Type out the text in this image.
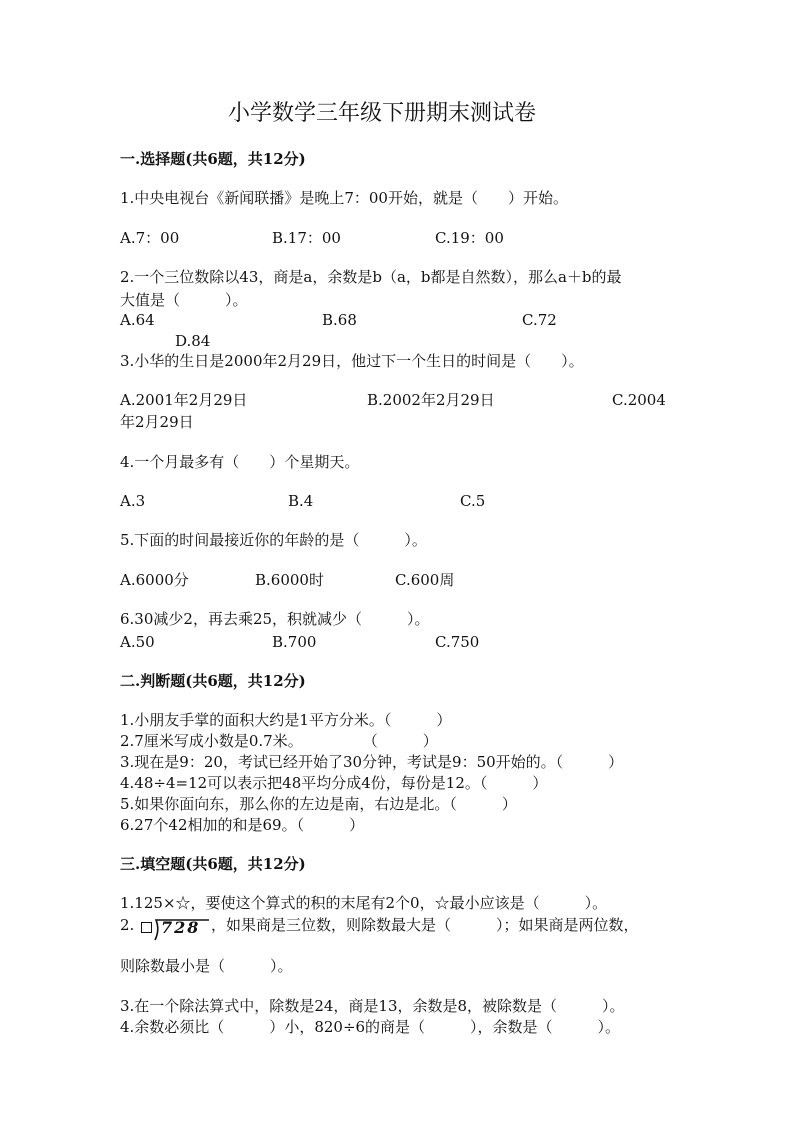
小学数学三年级下册期末测试卷
一.选择题(共6题，共12分)
1.中央电视台《新闻联播》是晚上7：00开始，就是（　　）开始。
A.7：00	B.17：00	C.19：00
2.一个三位数除以43，商是a，余数是b（a，b都是自然数），那么a＋b的最
大值是（　　　）。
A.64	B.68	C.72
D.84
3.小华的生日是2000年2月29日，他过下一个生日的时间是（　　）。
A.2001年2月29日	B.2002年2月29日	C.2004
年2月29日
4.一个月最多有（　　）个星期天。
A.3	B.4	C.5
5.下面的时间最接近你的年龄的是（　　　）。
A.6000分	B.6000时	C.600周
6.30减少2，再去乘25，积就减少（　　　）。
A.50	B.700	C.750
二.判断题(共6题，共12分)
1.小朋友手掌的面积大约是1平方分米。（　　　）
2.7厘米写成小数是0.7米。　　　　　（　　　）
3.现在是9：20，考试已经开始了30分钟，考试是9：50开始的。（　　　）
4.48÷4=12可以表示把48平均分成4份，每份是12。（　　　）
5.如果你面向东，那么你的左边是南，右边是北。（　　　）
6.27个42相加的和是69。（　　　）
三.填空题(共6题，共12分)
1.125×☆，要使这个算式的积的末尾有2个0，☆最小应该是（　　　）。
2. 728 ，如果商是三位数，则除数最大是（　　　）；如果商是两位数，
则除数最小是（　　　）。
3.在一个除法算式中，除数是24，商是13，余数是8，被除数是（　　　）。
4.余数必须比（　　　）小，820÷6的商是（　　　），余数是（　　　）。
